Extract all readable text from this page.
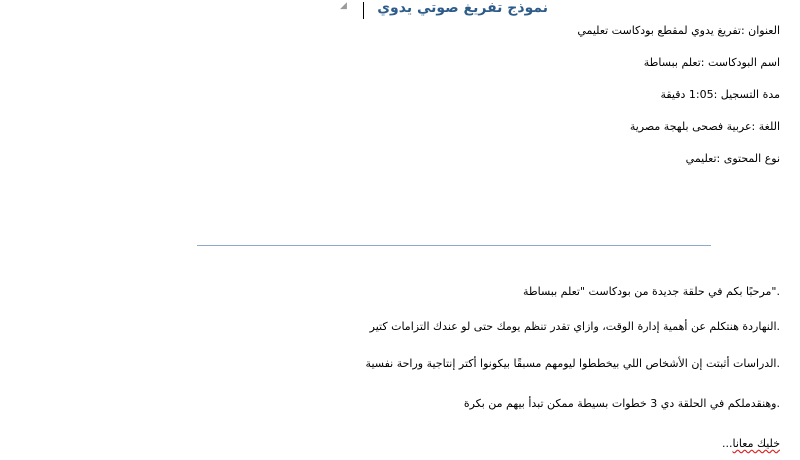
◢ نموذج تفريغ صوتي يدوي
العنوان :تفريغ يدوي لمقطع بودكاست تعليمي
اسم البودكاست :تعلم ببساطة
مدة التسجيل :1:05 دقيقة
اللغة :عربية فصحى بلهجة مصرية
نوع المحتوى :تعليمي
."مرحبًا بكم في حلقة جديدة من بودكاست "تعلم ببساطة
.النهاردة هنتكلم عن أهمية إدارة الوقت، وازاي تقدر تنظم يومك حتى لو عندك التزامات كتير
.الدراسات أثبتت إن الأشخاص اللي بيخططوا ليومهم مسبقًا بيكونوا أكتر إنتاجية وراحة نفسية
.وهنقدملكم في الحلقة دي 3 خطوات بسيطة ممكن تبدأ بيهم من بكرة
خليك معانا...
